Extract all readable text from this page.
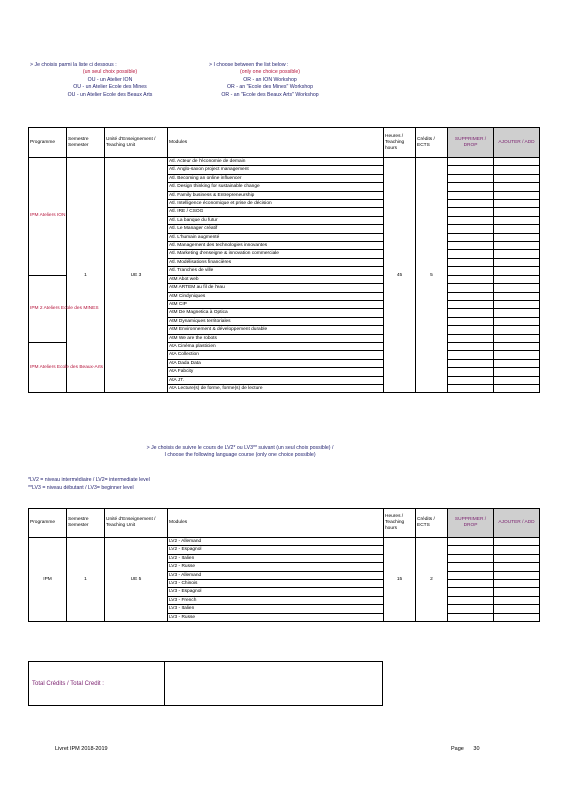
> Je choisis parmi la liste ci dessous :
(un seul choix possible)
OU - un Atelier ION
OU - un Atelier Ecole des Mines
OU - un Atelier Ecole des Beaux Arts
> I choose between the list below :
(only one choice possible)
OR - an ION Workshop
OR - an "Ecole des Mines" Workshop
OR - an "Ecole des Beaux Arts" Workshop
Programme	Semestre Semester	Unité d'Enseignement / Teaching Unit	Modules	Heures / Teaching hours	Crédits / ECTS	SUPPRIMER / DROP	AJOUTER / ADD
IPM Ateliers ION	1	UE 3	Atl. Acteur de l'économie de demain	45	5		
			Atl. Anglo-saxon project management				
			Atl. Becoming an online influencer				
			Atl. Design thinking for sustainable change				
			Atl. Family business & Entrepreneurship				
			Atl. Intelligence économique et prise de décision				
			Atl. IRE / CSOG				
			Atl. La banque du futur				
			Atl. Le Manager créatif				
			Atl. L'humain augmenté				
			Atl. Management des technologies innovantes				
			Atl. Marketing d'enseigne & innovation commerciale				
			Atl. Modélisations financières				
			Atl. Tranches de ville				
IPM 2 Ateliers Ecole des MINES			AtM Abot web				
			AtM ARTEM au fil de l'eau				
			AtM Cindyniques				
			AtM CIP				
			AtM De Magnetica à Optica				
			AtM Dynamiques territoriales				
			AtM Environnement & développement durable				
			AtM We are the robots				
IPM Ateliers Ecole des Beaux-Arts			AtA Cinéma plasticien				
			AtA Collection				
			AtA Dada Data				
			AtA Fabcity				
			AtA JT.				
			AtA Lecture(s) de forme, forme(s) de lecture				
> Je choisis de suivre le cours de LV2* ou LV3** suivant (un seul choix possible) /
I choose the following language course (only one choice possible)
*LV2 = niveau intermédiaire / LV2= intermediate level
**LV3 = niveau débutant / LV3= beginner level
Programme	Semestre Semester	Unité d'Enseignement / Teaching Unit	Modules	Heures / Teaching hours	Crédits / ECTS	SUPPRIMER / DROP	AJOUTER / ADD
IPM	1	UE 5	LV2 - Allemand	15	2		
			LV2 - Espagnol				
			LV2 - Italien				
			LV2 - Russe				
			LV3 - Allemand				
			LV3 - Chinois				
			LV3 - Espagnol				
			LV3 - French				
			LV3 - Italien				
			LV3 - Russe				
Total Crédits / Total Credit :
Livret IPM 2018-2019	Page 30
